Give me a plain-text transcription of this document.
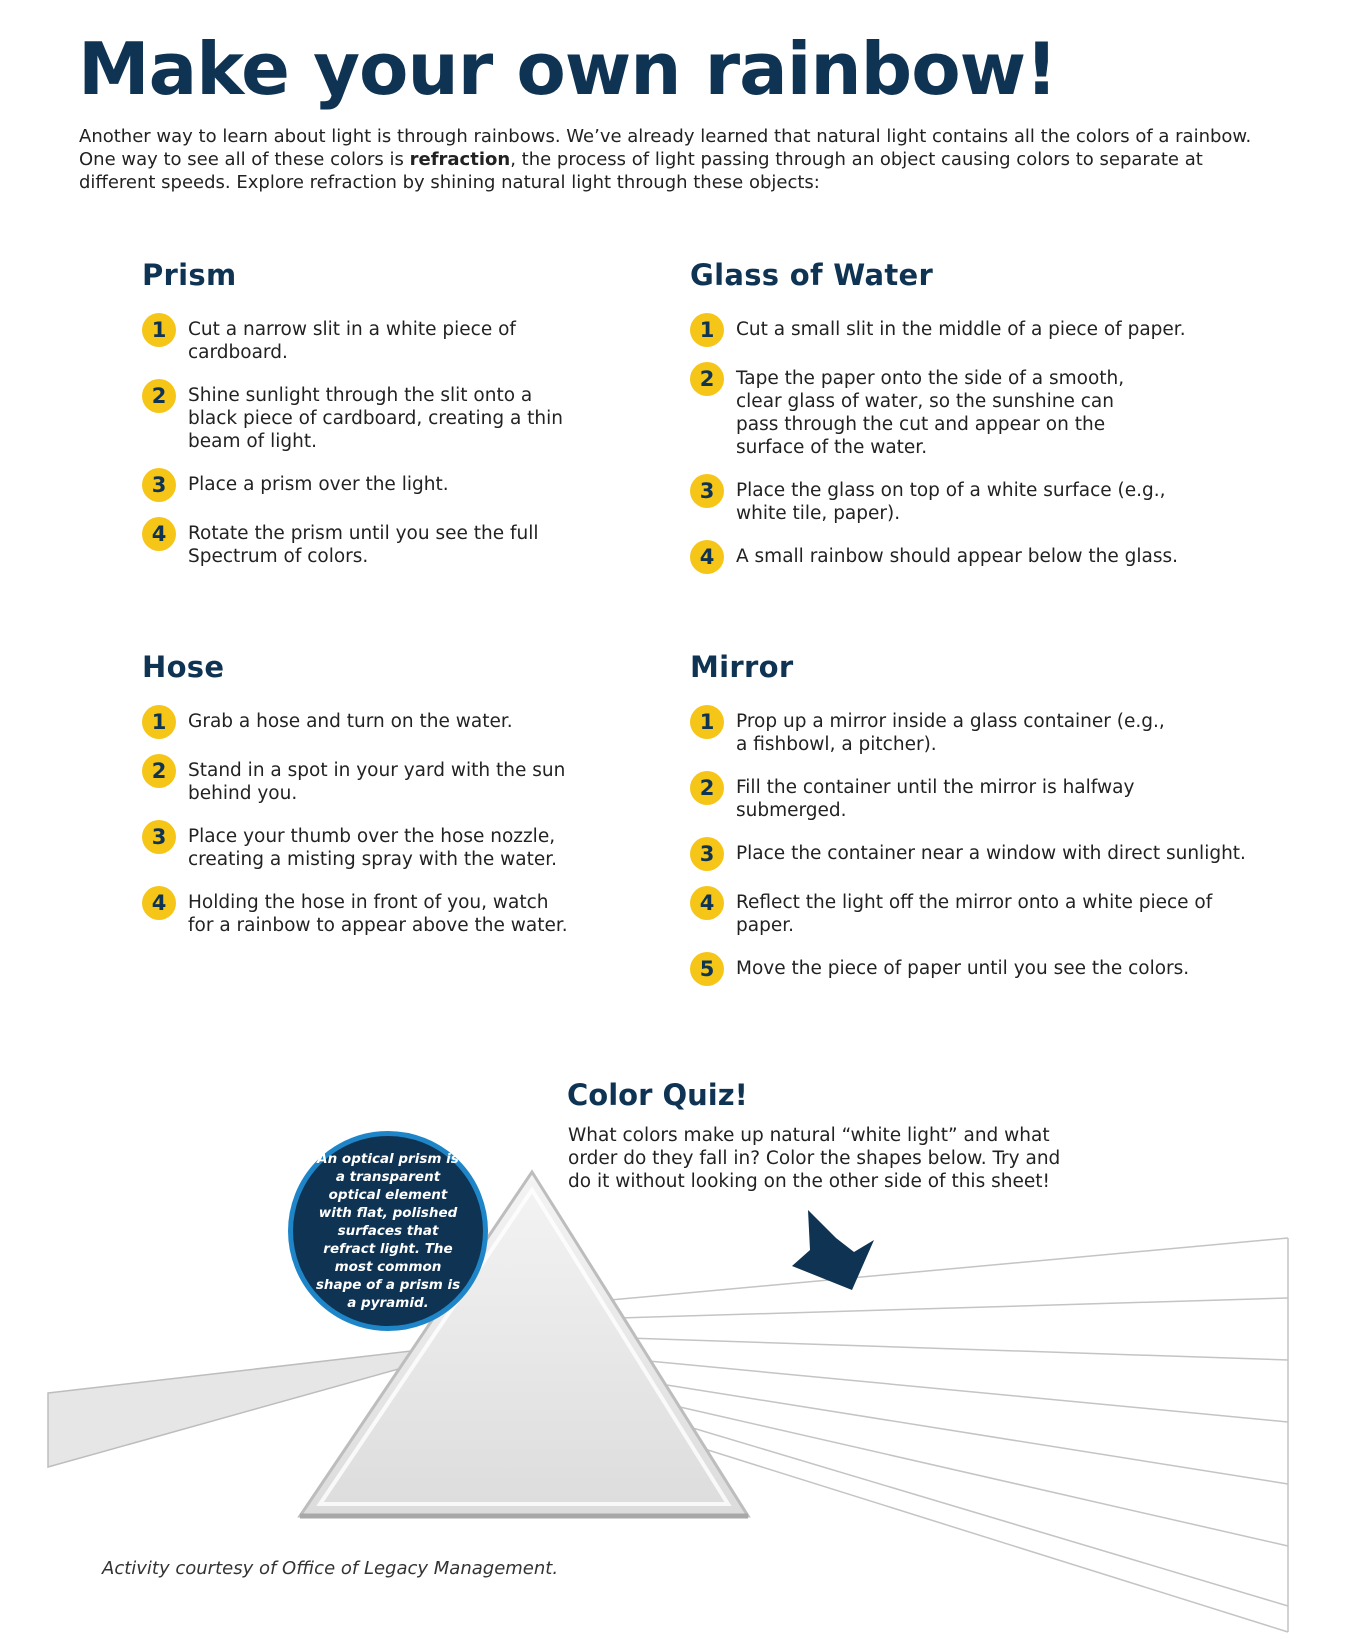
Make your own rainbow!

Another way to learn about light is through rainbows. We’ve already learned that natural light contains all the colors of a rainbow. One way to see all of these colors is refraction, the process of light passing through an object causing colors to separate at different speeds. Explore refraction by shining natural light through these objects:

Prism
1	Cut a narrow slit in a white piece of cardboard.
2	Shine sunlight through the slit onto a black piece of cardboard, creating a thin beam of light.
3	Place a prism over the light.
4	Rotate the prism until you see the full Spectrum of colors.
Glass of Water
1	Cut a small slit in the middle of a piece of paper.
2	Tape the paper onto the side of a smooth, clear glass of water, so the sunshine can pass through the cut and appear on the surface of the water.
3	Place the glass on top of a white surface (e.g., white tile, paper).
4	A small rainbow should appear below the glass.
Hose
1	Grab a hose and turn on the water.
2	Stand in a spot in your yard with the sun behind you.
3	Place your thumb over the hose nozzle, creating a misting spray with the water.
4	Holding the hose in front of you, watch for a rainbow to appear above the water.
Mirror
1	Prop up a mirror inside a glass container (e.g., a fishbowl, a pitcher).
2	Fill the container until the mirror is halfway submerged.
3	Place the container near a window with direct sunlight.
4	Reflect the light off the mirror onto a white piece of paper.
5	Move the piece of paper until you see the colors.
Color Quiz!

What colors make up natural “white light” and what order do they fall in? Color the shapes below. Try and do it without looking on the other side of this sheet!

An optical prism is a transparent optical element with flat, polished surfaces that refract light. The most common shape of a prism is a pyramid.

Activity courtesy of Office of Legacy Management.
